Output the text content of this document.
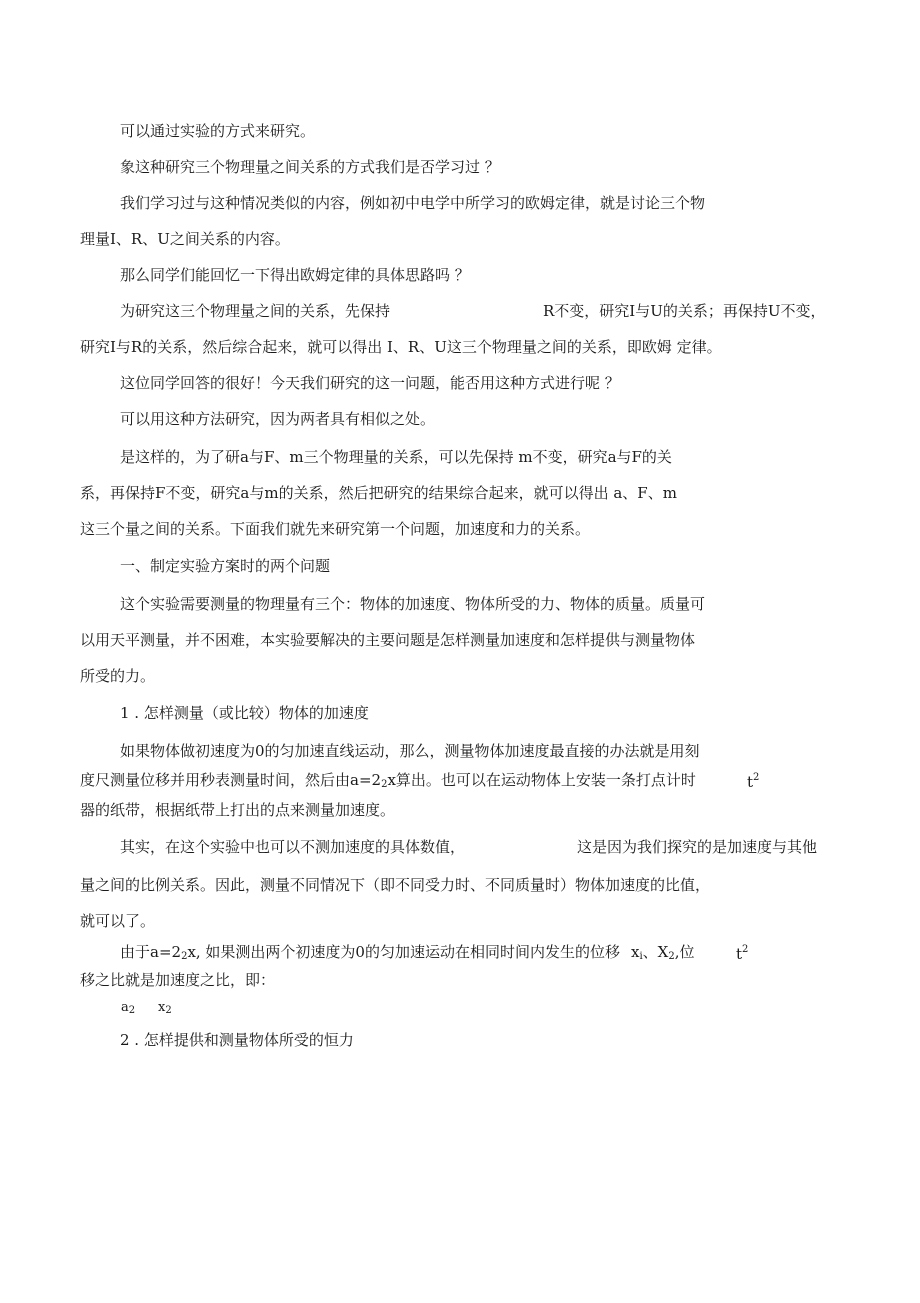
可以通过实验的方式来研究。
象这种研究三个物理量之间关系的方式我们是否学习过 ？
我们学习过与这种情况类似的内容，例如初中电学中所学习的欧姆定律，就是讨论三个物
理量I、R、U之间关系的内容。
那么同学们能回忆一下得出欧姆定律的具体思路吗 ？
为研究这三个物理量之间的关系，先保持	R不变，研究I与U的关系；再保持U不变，
研究I与R的关系，然后综合起来，就可以得出 I、R、U这三个物理量之间的关系，即欧姆 定律。
这位同学回答的很好！今天我们研究的这一问题，能否用这种方式进行呢 ？
可以用这种方法研究，因为两者具有相似之处。
是这样的，为了研a与F、m三个物理量的关系，可以先保持 m不变，研究a与F的关
系，再保持F不变，研究a与m的关系，然后把研究的结果综合起来，就可以得出 a、F、m
这三个量之间的关系。下面我们就先来研究第一个问题，加速度和力的关系。
一、制定实验方案时的两个问题
这个实验需要测量的物理量有三个：物体的加速度、物体所受的力、物体的质量。质量可
以用天平测量，并不困难，本实验要解决的主要问题是怎样测量加速度和怎样提供与测量物体
所受的力。
1 . 怎样测量（或比较）物体的加速度
如果物体做初速度为0的匀加速直线运动，那么，测量物体加速度最直接的办法就是用刻
度尺测量位移并用秒表测量时间，然后由$a=2_2x$算出。也可以在运动物体上安装一条打点计时	$t^2$
器的纸带，根据纸带上打出的点来测量加速度。
其实，在这个实验中也可以不测加速度的具体数值，	这是因为我们探究的是加速度与其他
量之间的比例关系。因此，测量不同情况下（即不同受力时、不同质量时）物体加速度的比值，
就可以了。
由于$a=2_2x$, 如果测出两个初速度为0的匀加速运动在相同时间内发生的位移 $x_i$、$X_2$,位	$t^2$
移之比就是加速度之比，即：
$a_2$ $x_2$
2 . 怎样提供和测量物体所受的恒力
